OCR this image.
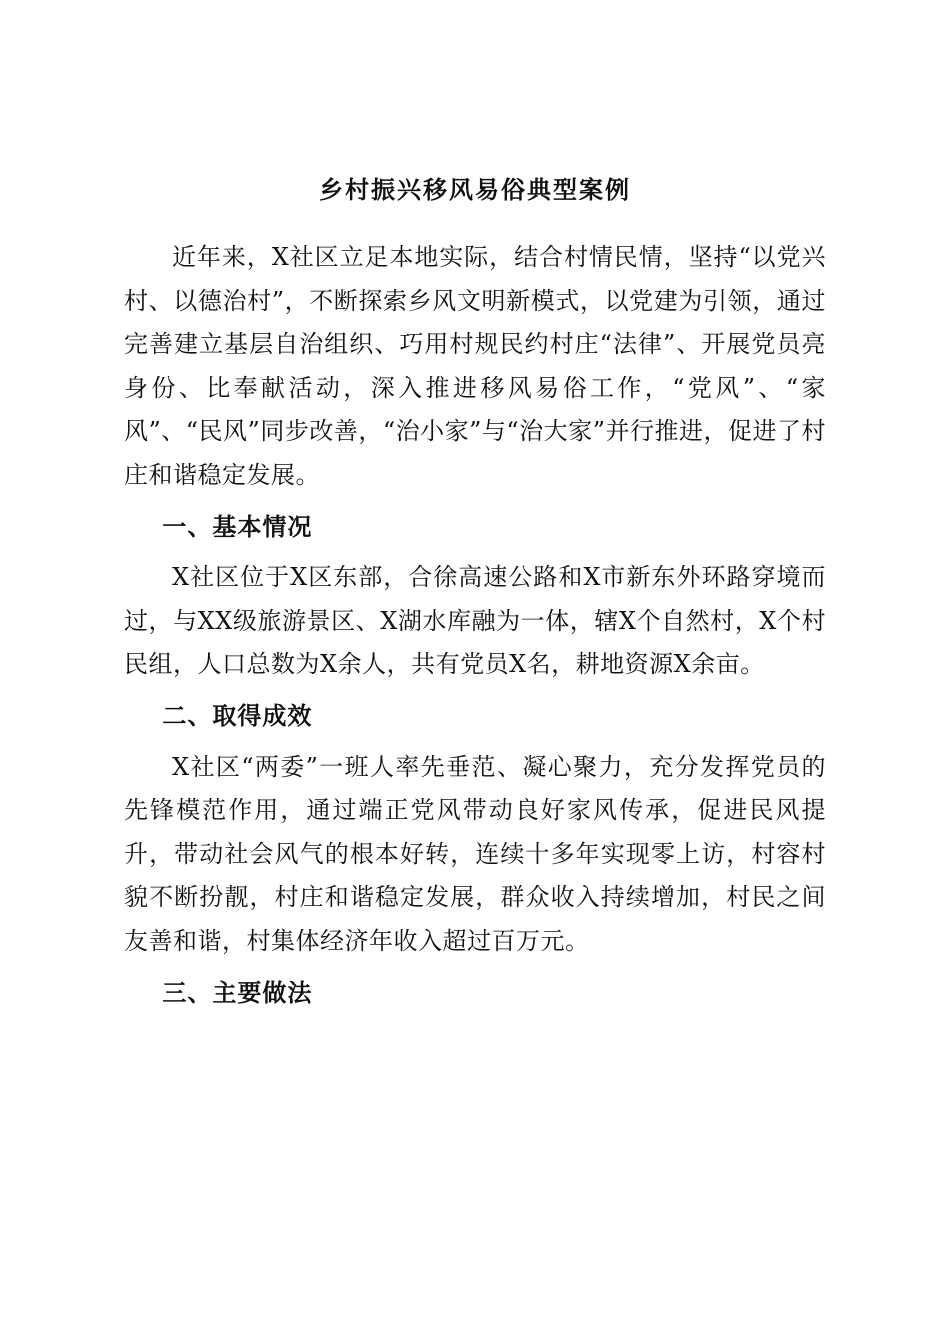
乡村振兴移风易俗典型案例

近年来，X社区立足本地实际，结合村情民情，坚持“以党兴村、以德治村”，不断探索乡风文明新模式，以党建为引领，通过完善建立基层自治组织、巧用村规民约村庄“法律”、开展党员亮身份、比奉献活动，深入推进移风易俗工作，“党风”、“家风”、“民风”同步改善，“治小家”与“治大家”并行推进，促进了村庄和谐稳定发展。

一、基本情况

X社区位于X区东部，合徐高速公路和X市新东外环路穿境而过，与XX级旅游景区、X湖水库融为一体，辖X个自然村，X个村民组，人口总数为X余人，共有党员X名，耕地资源X余亩。

二、取得成效

X社区“两委”一班人率先垂范、凝心聚力，充分发挥党员的先锋模范作用，通过端正党风带动良好家风传承，促进民风提升，带动社会风气的根本好转，连续十多年实现零上访，村容村貌不断扮靓，村庄和谐稳定发展，群众收入持续增加，村民之间友善和谐，村集体经济年收入超过百万元。

三、主要做法
